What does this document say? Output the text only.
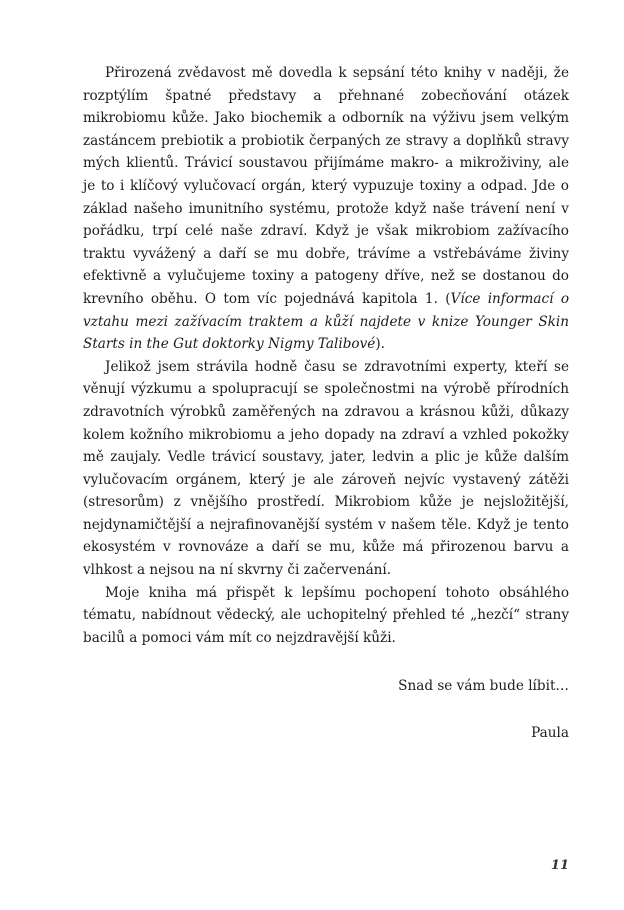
Přirozená zvědavost mě dovedla k sepsání této knihy v naději, že rozptýlím špatné představy a přehnané zobecňování otázek mikrobiomu kůže. Jako biochemik a odborník na výživu jsem velkým zastáncem prebiotik a probiotik čerpaných ze stravy a doplňků stravy mých klientů. Trávicí soustavou přijímáme makro- a mikroživiny, ale je to i klíčový vylučovací orgán, který vypuzuje toxiny a odpad. Jde o základ našeho imunitního systému, protože když naše trávení není v pořádku, trpí celé naše zdraví. Když je však mikrobiom zažívacího traktu vyvážený a daří se mu dobře, trávíme a vstřebáváme živiny efektivně a vylučujeme toxiny a patogeny dříve, než se dostanou do krevního oběhu. O tom víc pojednává kapitola 1. (Více informací o vztahu mezi zažívacím traktem a kůží najdete v knize Younger Skin Starts in the Gut doktorky Nigmy Talibové).

Jelikož jsem strávila hodně času se zdravotními experty, kteří se věnují výzkumu a spolupracují se společnostmi na výrobě přírodních zdravotních výrobků zaměřených na zdravou a krásnou kůži, důkazy kolem kožního mikrobiomu a jeho dopady na zdraví a vzhled pokožky mě zaujaly. Vedle trávicí soustavy, jater, ledvin a plic je kůže dalším vylučovacím orgánem, který je ale zároveň nejvíc vystavený zátěži (stresorům) z vnějšího prostředí. Mikrobiom kůže je nejsložitější, nejdynamičtější a nejrafinovanější systém v našem těle. Když je tento ekosystém v rovnováze a daří se mu, kůže má přirozenou barvu a vlhkost a nejsou na ní skvrny či začervenání.

Moje kniha má přispět k lepšímu pochopení tohoto obsáhlého tématu, nabídnout vědecký, ale uchopitelný přehled té „hezčí“ strany bacilů a pomoci vám mít co nejzdravější kůži.

Snad se vám bude líbit…

Paula

11
